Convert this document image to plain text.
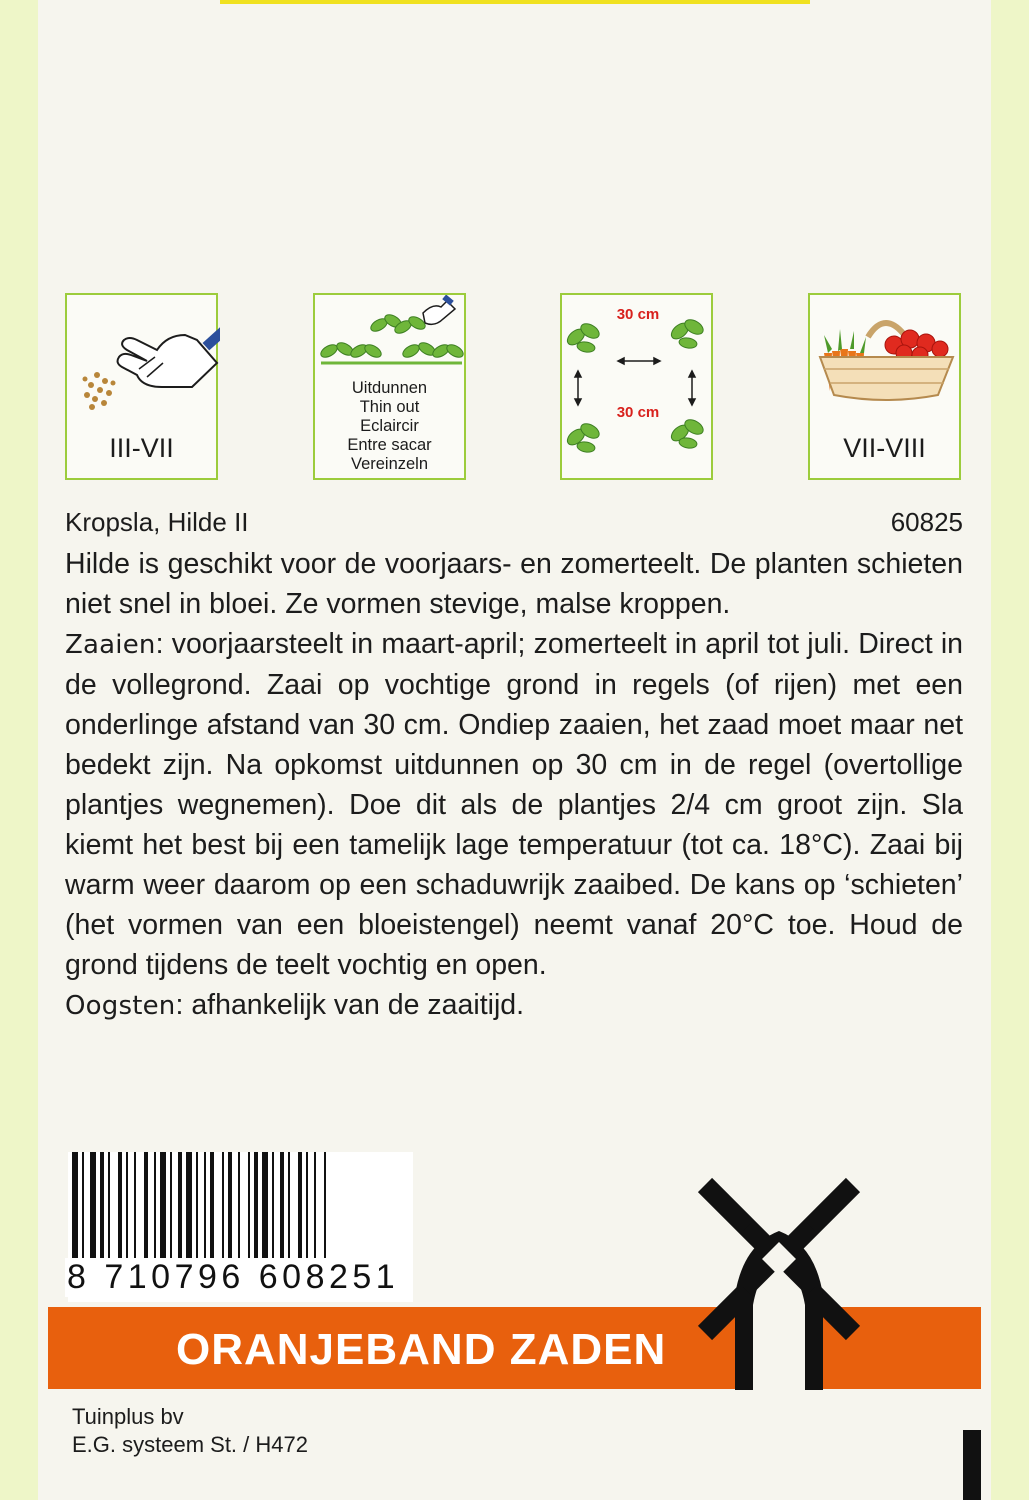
III-VII
Uitdunnen
Thin out
Eclaircir
Entre sacar
Vereinzeln
30 cm
30 cm
VII-VIII
Kropsla, Hilde II	60825

Hilde is geschikt voor de voorjaars- en zomerteelt. De planten schieten niet snel in bloei. Ze vormen stevige, malse kroppen.

Zaaien: voorjaarsteelt in maart-april; zomerteelt in april tot juli. Direct in de vollegrond. Zaai op vochtige grond in regels (of rijen) met een onderlinge afstand van 30 cm. Ondiep zaaien, het zaad moet maar net bedekt zijn. Na opkomst uitdunnen op 30 cm in de regel (overtollige plantjes wegnemen). Doe dit als de plantjes 2/4 cm groot zijn. Sla kiemt het best bij een tamelijk lage temperatuur (tot ca. 18°C). Zaai bij warm weer daarom op een schaduwrijk zaaibed. De kans op ‘schieten’ (het vormen van een bloeistengel) neemt vanaf 20°C toe. Houd de grond tijdens de teelt vochtig en open.

Oogsten: afhankelijk van de zaaitijd.

8 710796 608251
ORANJEBAND ZADEN
Tuinplus bv
E.G. systeem St. / H472
